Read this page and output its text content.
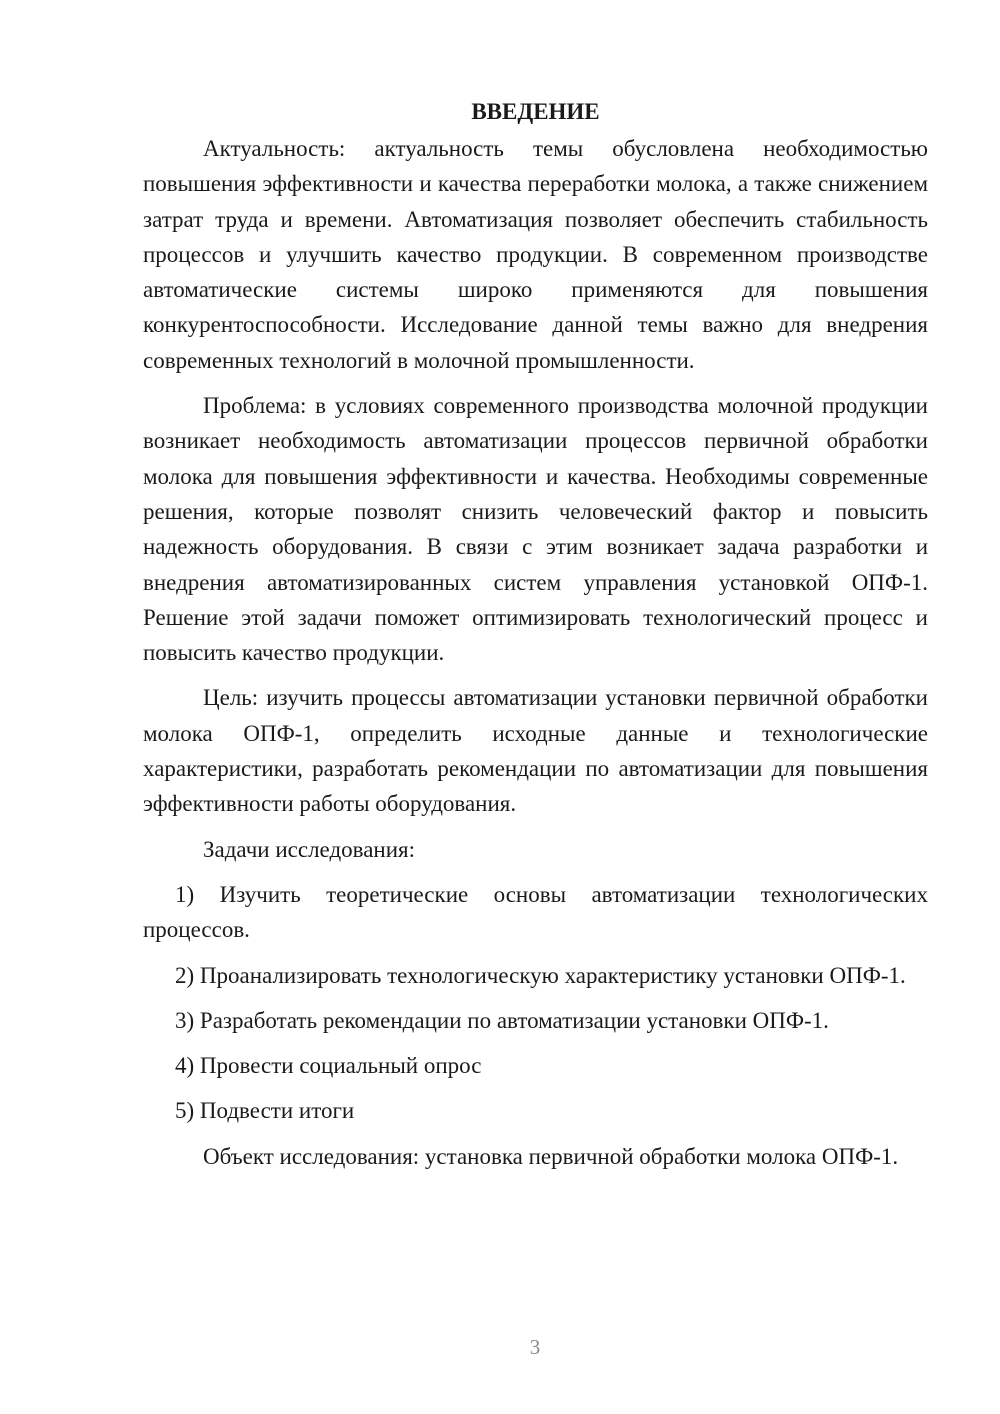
ВВЕДЕНИЕ

Актуальность: актуальность темы обусловлена необходимостью повышения эффективности и качества переработки молока, а также снижением затрат труда и времени. Автоматизация позволяет обеспечить стабильность процессов и улучшить качество продукции. В современном производстве автоматические системы широко применяются для повышения конкурентоспособности. Исследование данной темы важно для внедрения современных технологий в молочной промышленности.

Проблема: в условиях современного производства молочной продукции возникает необходимость автоматизации процессов первичной обработки молока для повышения эффективности и качества. Необходимы современные решения, которые позволят снизить человеческий фактор и повысить надежность оборудования. В связи с этим возникает задача разработки и внедрения автоматизированных систем управления установкой ОПФ-1. Решение этой задачи поможет оптимизировать технологический процесс и повысить качество продукции.

Цель: изучить процессы автоматизации установки первичной обработки молока ОПФ-1, определить исходные данные и технологические характеристики, разработать рекомендации по автоматизации для повышения эффективности работы оборудования.

Задачи исследования:

1) Изучить теоретические основы автоматизации технологических процессов.

2) Проанализировать технологическую характеристику установки ОПФ-1.

3) Разработать рекомендации по автоматизации установки ОПФ-1.

4) Провести социальный опрос

5) Подвести итоги

Объект исследования: установка первичной обработки молока ОПФ-1.

3
